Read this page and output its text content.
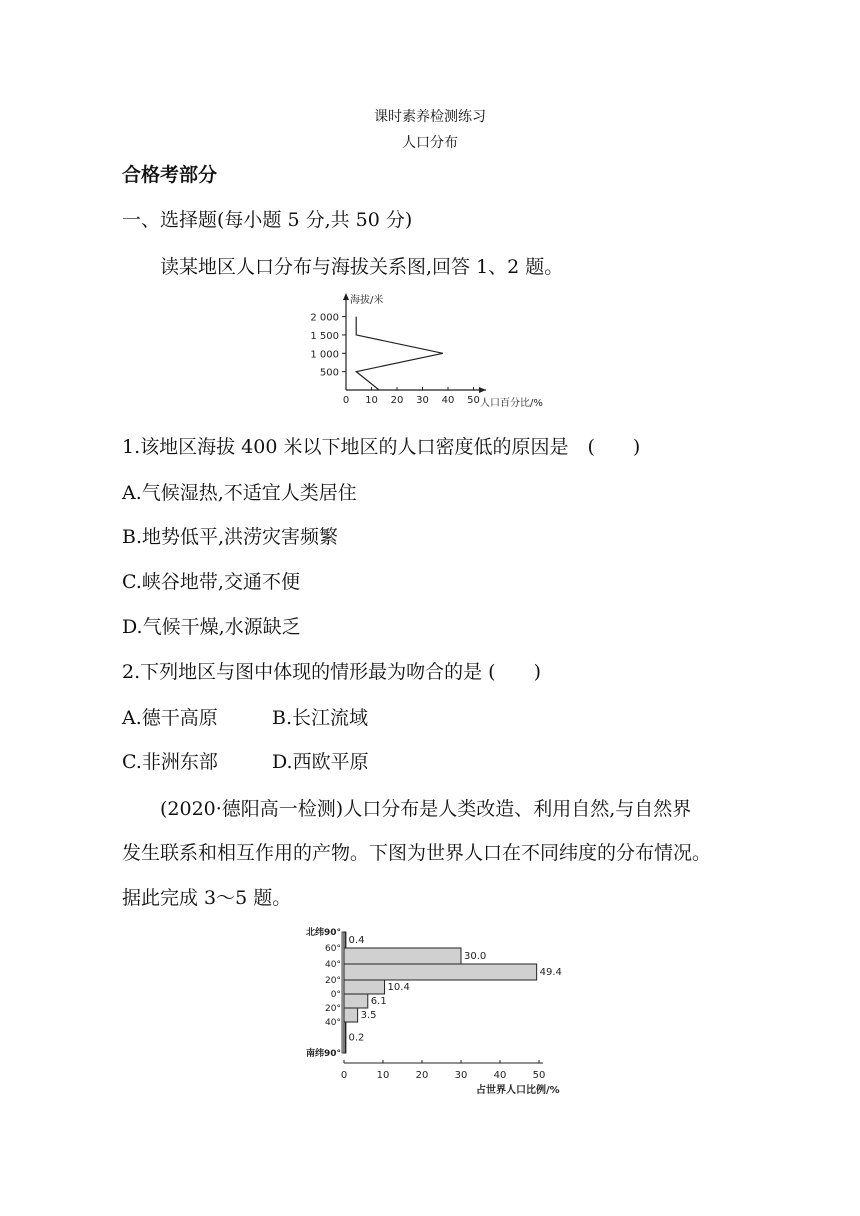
课时素养检测练习
人口分布
合格考部分
一、选择题(每小题 5 分,共 50 分)
读某地区人口分布与海拔关系图,回答 1、2 题。
海拔/米
人口百分比/%
0 10 20 30 40 50
500
1 000
1 500
2 000
1.该地区海拔 400 米以下地区的人口密度低的原因是　(　　)
A.气候湿热,不适宜人类居住
B.地势低平,洪涝灾害频繁
C.峡谷地带,交通不便
D.气候干燥,水源缺乏
2.下列地区与图中体现的情形最为吻合的是 (　　)
A.德干高原	B.长江流域
C.非洲东部	D.西欧平原
(2020·德阳高一检测)人口分布是人类改造、利用自然,与自然界
发生联系和相互作用的产物。下图为世界人口在不同纬度的分布情况。
据此完成 3～5 题。
北纬90°
60°
40°
20°
0°
20°
40°
南纬90°
0.4
30.0
49.4
10.4
6.1
3.5
0.2
0	10	20	30	40	50
占世界人口比例/%
